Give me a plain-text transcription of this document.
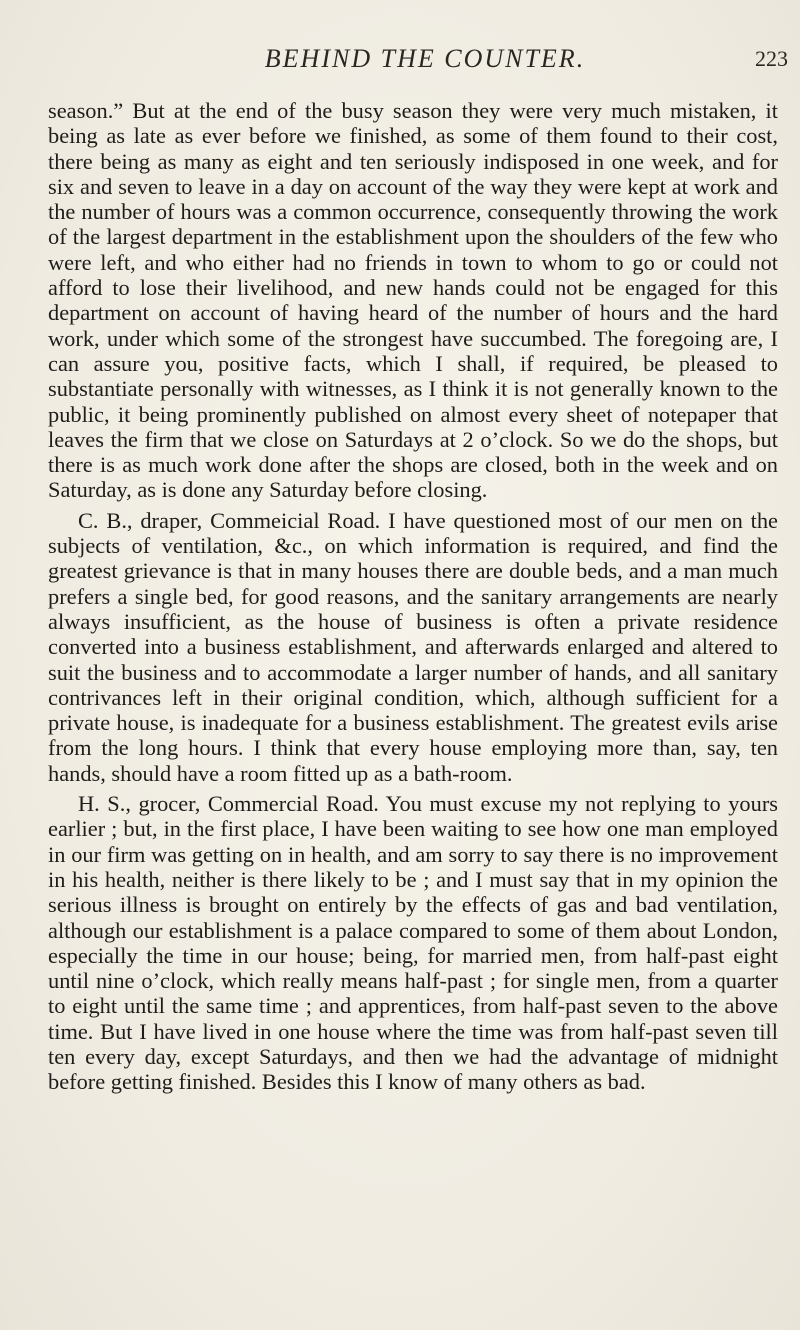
BEHIND THE COUNTER.	223

season.” But at the end of the busy season they were very much mistaken, it being as late as ever before we finished, as some of them found to their cost, there being as many as eight and ten seriously indisposed in one week, and for six and seven to leave in a day on account of the way they were kept at work and the number of hours was a common occurrence, consequently throwing the work of the largest department in the establishment upon the shoulders of the few who were left, and who either had no friends in town to whom to go or could not afford to lose their livelihood, and new hands could not be engaged for this department on account of having heard of the number of hours and the hard work, under which some of the strongest have succumbed. The foregoing are, I can assure you, positive facts, which I shall, if required, be pleased to substantiate personally with witnesses, as I think it is not generally known to the public, it being prominently published on almost every sheet of notepaper that leaves the firm that we close on Saturdays at 2 o’clock. So we do the shops, but there is as much work done after the shops are closed, both in the week and on Saturday, as is done any Saturday before closing.

C. B., draper, Commeicial Road. I have questioned most of our men on the subjects of ventilation, &c., on which information is required, and find the greatest grievance is that in many houses there are double beds, and a man much prefers a single bed, for good reasons, and the sanitary arrangements are nearly always insufficient, as the house of business is often a private residence converted into a business establishment, and afterwards enlarged and altered to suit the business and to accommodate a larger number of hands, and all sanitary contrivances left in their original condition, which, although sufficient for a private house, is inadequate for a business establishment. The greatest evils arise from the long hours. I think that every house employing more than, say, ten hands, should have a room fitted up as a bath-room.

H. S., grocer, Commercial Road. You must excuse my not replying to yours earlier ; but, in the first place, I have been waiting to see how one man employed in our firm was getting on in health, and am sorry to say there is no improvement in his health, neither is there likely to be ; and I must say that in my opinion the serious illness is brought on entirely by the effects of gas and bad ventilation, although our establishment is a palace compared to some of them about London, especially the time in our house; being, for married men, from half-past eight until nine o’clock, which really means half-past ; for single men, from a quarter to eight until the same time ; and apprentices, from half-past seven to the above time. But I have lived in one house where the time was from half-past seven till ten every day, except Saturdays, and then we had the advantage of midnight before getting finished. Besides this I know of many others as bad.
